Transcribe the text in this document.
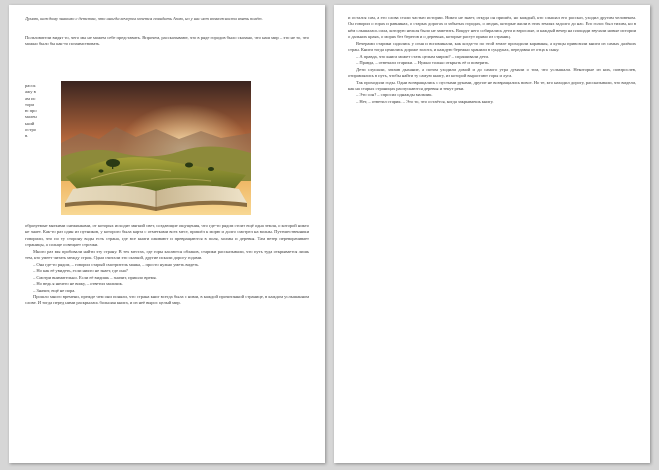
Думаю, каждому знакомо с детства, что иногда вечером хочется повидать Азию, но у нас нет возможности взять полёт.

Пользователи видят то, чего мы не можем себе представить. Впрочем, рассказывают, что в ряде городов было сказано, что наш мир – это не то, что можно было бы как-то позаимствовать.

расскажу вам историю про маленький остров.

образуемые мягкими снежинками, от которых исходит мягкий свет, создающие ощущения, что где-то рядом стоит ещё одна земля, о которой никто не знает. Как-то раз один из путников, у которого была карта с отметками всех мест, пришёл к морю и долго смотрел на волны. Путешественники говорили, что по ту сторону воды есть страна, где все книги оживают и превращаются в поля, холмы и деревья. Там ветер переворачивает страницы, а солнце освещает строчки.

Много раз мы пробовали найти эту страну. В тех местах, где горы касаются облаков, старики рассказывали, что путь туда открывается лишь тем, кто умеет читать между строк. Одни считали это сказкой, другие искали дорогу годами.

– Она где-то рядом, – говорил старый смотритель маяка, – просто нужно уметь видеть.

– Но как её увидеть, если никто не знает, где она?

– Смотри внимательно. Если её видишь – значит, пришло время.

– Но ведь я ничего не вижу, – ответил мальчик.

– Значит, ещё не пора.

Прошло много времени, прежде чем они поняли, что страна книг всегда была с ними, в каждой прочитанной странице, в каждом услышанном слове. И тогда перед ними раскрылась большая книга, и из неё вырос целый мир.

и остался сам, а его слова стали частью истории. Никто не знает, откуда он пришёл, но каждый, кто слышал его рассказ, уходил другим человеком. Он говорил о горах и равнинах, о старых дорогах и забытых городах, о людях, которые жили в этих землях задолго до нас. Его голос был тихим, но в нём слышалась сила, которую нельзя было не заметить. Вокруг него собирались дети и взрослые, и каждый вечер на площади звучали новые истории о дальних краях, о морях без берегов и о деревьях, которые растут прямо из страниц.

Вечерами старики садились у огня и вспоминали, как когда-то по этой земле проходили караваны, а купцы привозили книги из самых далёких стран. Книги тогда ценились дороже золота, и каждую бережно хранили в сундуках, передавая от отца к сыну.

– А правда, что книга может стать целым миром? – спрашивали дети.

– Правда, – отвечали старики. – Нужно только открыть её и поверить.

Дети слушали, затаив дыхание, а потом уходили домой и до самого утра думали о том, что услышали. Некоторые из них, повзрослев, отправлялись в путь, чтобы найти ту самую книгу, из которой вырастают горы и луга.

Так проходили годы. Одни возвращались с пустыми руками, другие не возвращались вовсе. Но те, кто находил дорогу, рассказывали, что видели, как на старых страницах распускаются деревья и текут реки.

– Это сон? – спросил однажды мальчик.

– Нет, – ответил старик. – Это то, что остаётся, когда закрываешь книгу.
